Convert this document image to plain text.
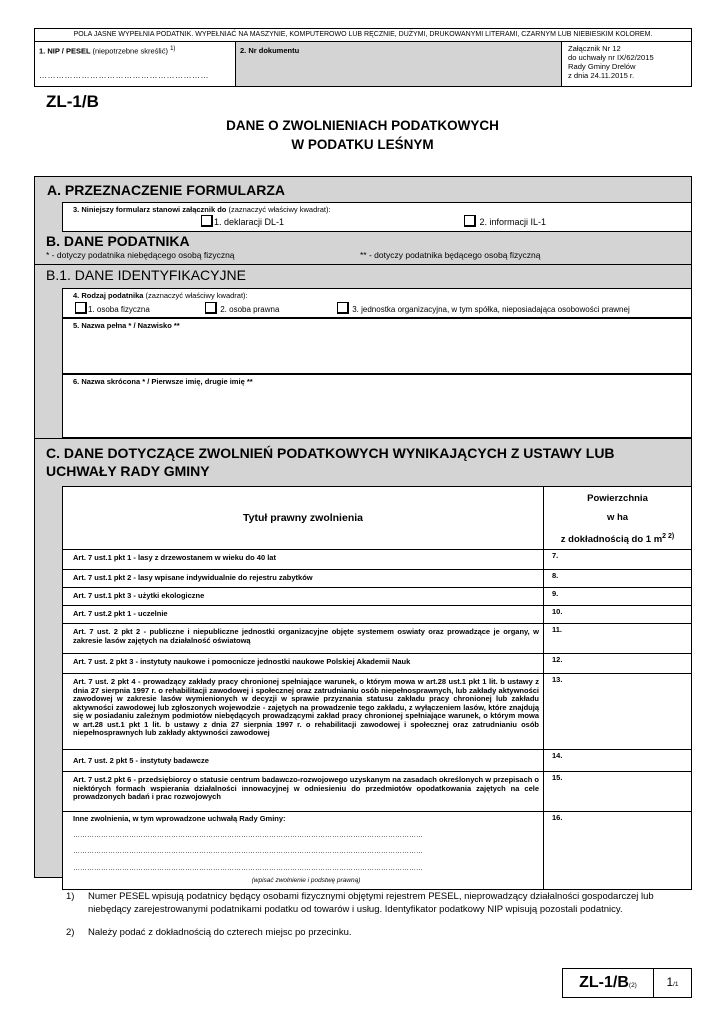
POLA JASNE WYPEŁNIA PODATNIK. WYPEŁNIAĆ NA MASZYNIE, KOMPUTEROWO LUB RĘCZNIE, DUŻYMI, DRUKOWANYMI LITERAMI, CZARNYM LUB NIEBIESKIM KOLOREM.
1. NIP / PESEL (niepotrzebne skreślić) $^{1)}$
……………………………………………………
2. Nr dokumentu	Załącznik Nr 12
do uchwały nr IX/62/2015
Rady Gminy Drelów
z dnia 24.11.2015 r.
ZL-1/B
DANE O ZWOLNIENIACH PODATKOWYCH
W PODATKU LEŚNYM
A. PRZEZNACZENIE FORMULARZA
3. Niniejszy formularz stanowi załącznik do (zaznaczyć właściwy kwadrat):
1. deklaracji DL-1	2. informacji IL-1
B. DANE PODATNIKA
* - dotyczy podatnika niebędącego osobą fizyczną	** - dotyczy podatnika będącego osobą fizyczną
B.1. DANE IDENTYFIKACYJNE
4. Rodzaj podatnika (zaznaczyć właściwy kwadrat):
1. osoba fizyczna	2. osoba prawna	3. jednostka organizacyjna, w tym spółka, nieposiadająca osobowości prawnej
5. Nazwa pełna * / Nazwisko **
6. Nazwa skrócona * / Pierwsze imię, drugie imię **
C. DANE DOTYCZĄCE ZWOLNIEŃ PODATKOWYCH WYNIKAJĄCYCH Z USTAWY LUB
UCHWAŁY RADY GMINY
Tytuł prawny zwolnienia	Powierzchnia
w ha
z dokładnością do 1 $m^{2 2)}$

Art. 7 ust.1 pkt 1 - lasy z drzewostanem w wieku do 40 lat	7.
Art. 7 ust.1 pkt 2 - lasy wpisane indywidualnie do rejestru zabytków	8.
Art. 7 ust.1 pkt 3 - użytki ekologiczne	9.
Art. 7 ust.2 pkt 1 - uczelnie	10.
Art. 7 ust. 2 pkt 2 - publiczne i niepubliczne jednostki organizacyjne objęte systemem oswiaty oraz prowadzące je organy, w zakresie lasów zajętych na działalność oświatową	11.
Art. 7 ust. 2 pkt 3 - instytuty naukowe i pomocnicze jednostki naukowe Polskiej Akademii Nauk	12.
Art. 7 ust. 2 pkt 4 - prowadzący zakłady pracy chronionej spełniające warunek, o którym mowa w art.28 ust.1 pkt 1 lit. b ustawy z dnia 27 sierpnia 1997 r. o rehabilitacji zawodowej i społecznej oraz zatrudnianiu osób niepełnosprawnych, lub zakłady aktywności zawodowej w zakresie lasów wymienionych w decyzji w sprawie przyznania statusu zakładu pracy chronionej lub zakładu aktywności zawodowej lub zgłoszonych wojewodzie - zajętych na prowadzenie tego zakładu, z wyłączeniem lasów, które znajdują się w posiadaniu zależnym podmiotów niebędących prowadzącymi zakład pracy chronionej spełniające warunek, o którym mowa w art.28 ust.1 pkt 1 lit. b ustawy z dnia 27 sierpnia 1997 r. o rehabilitacji zawodowej i społecznej oraz zatrudnianiu osób niepełnosprawnych lub zakłady aktywności zawodowej	13.
Art. 7 ust. 2 pkt 5 - instytuty badawcze	14.
Art. 7 ust.2 pkt 6 - przedsiębiorcy o statusie centrum badawczo-rozwojowego uzyskanym na zasadach określonych w przepisach o niektórych formach wspierania działalności innowacyjnej w odniesieniu do przedmiotów opodatkowania zajętych na cele prowadzonych badań i prac rozwojowych	15.

Inne zwolnienia, w tym wprowadzone uchwałą Rady Gminy:
……………………………………………………………………………………………………………………………………
……………………………………………………………………………………………………………………………………
……………………………………………………………………………………………………………………………………
(wpisać zwolnienie i podstwę prawną)	16.
1) Numer PESEL wpisują podatnicy będący osobami fizycznymi objętymi rejestrem PESEL, nieprowadzący działalności gospodarczej lub niebędący zarejestrowanymi podatnikami podatku od towarów i usług. Identyfikator podatkowy NIP wpisują pozostali podatnicy.
2) Należy podać z dokładnością do czterech miejsc po przecinku.
ZL-1/B(2)	1/1
